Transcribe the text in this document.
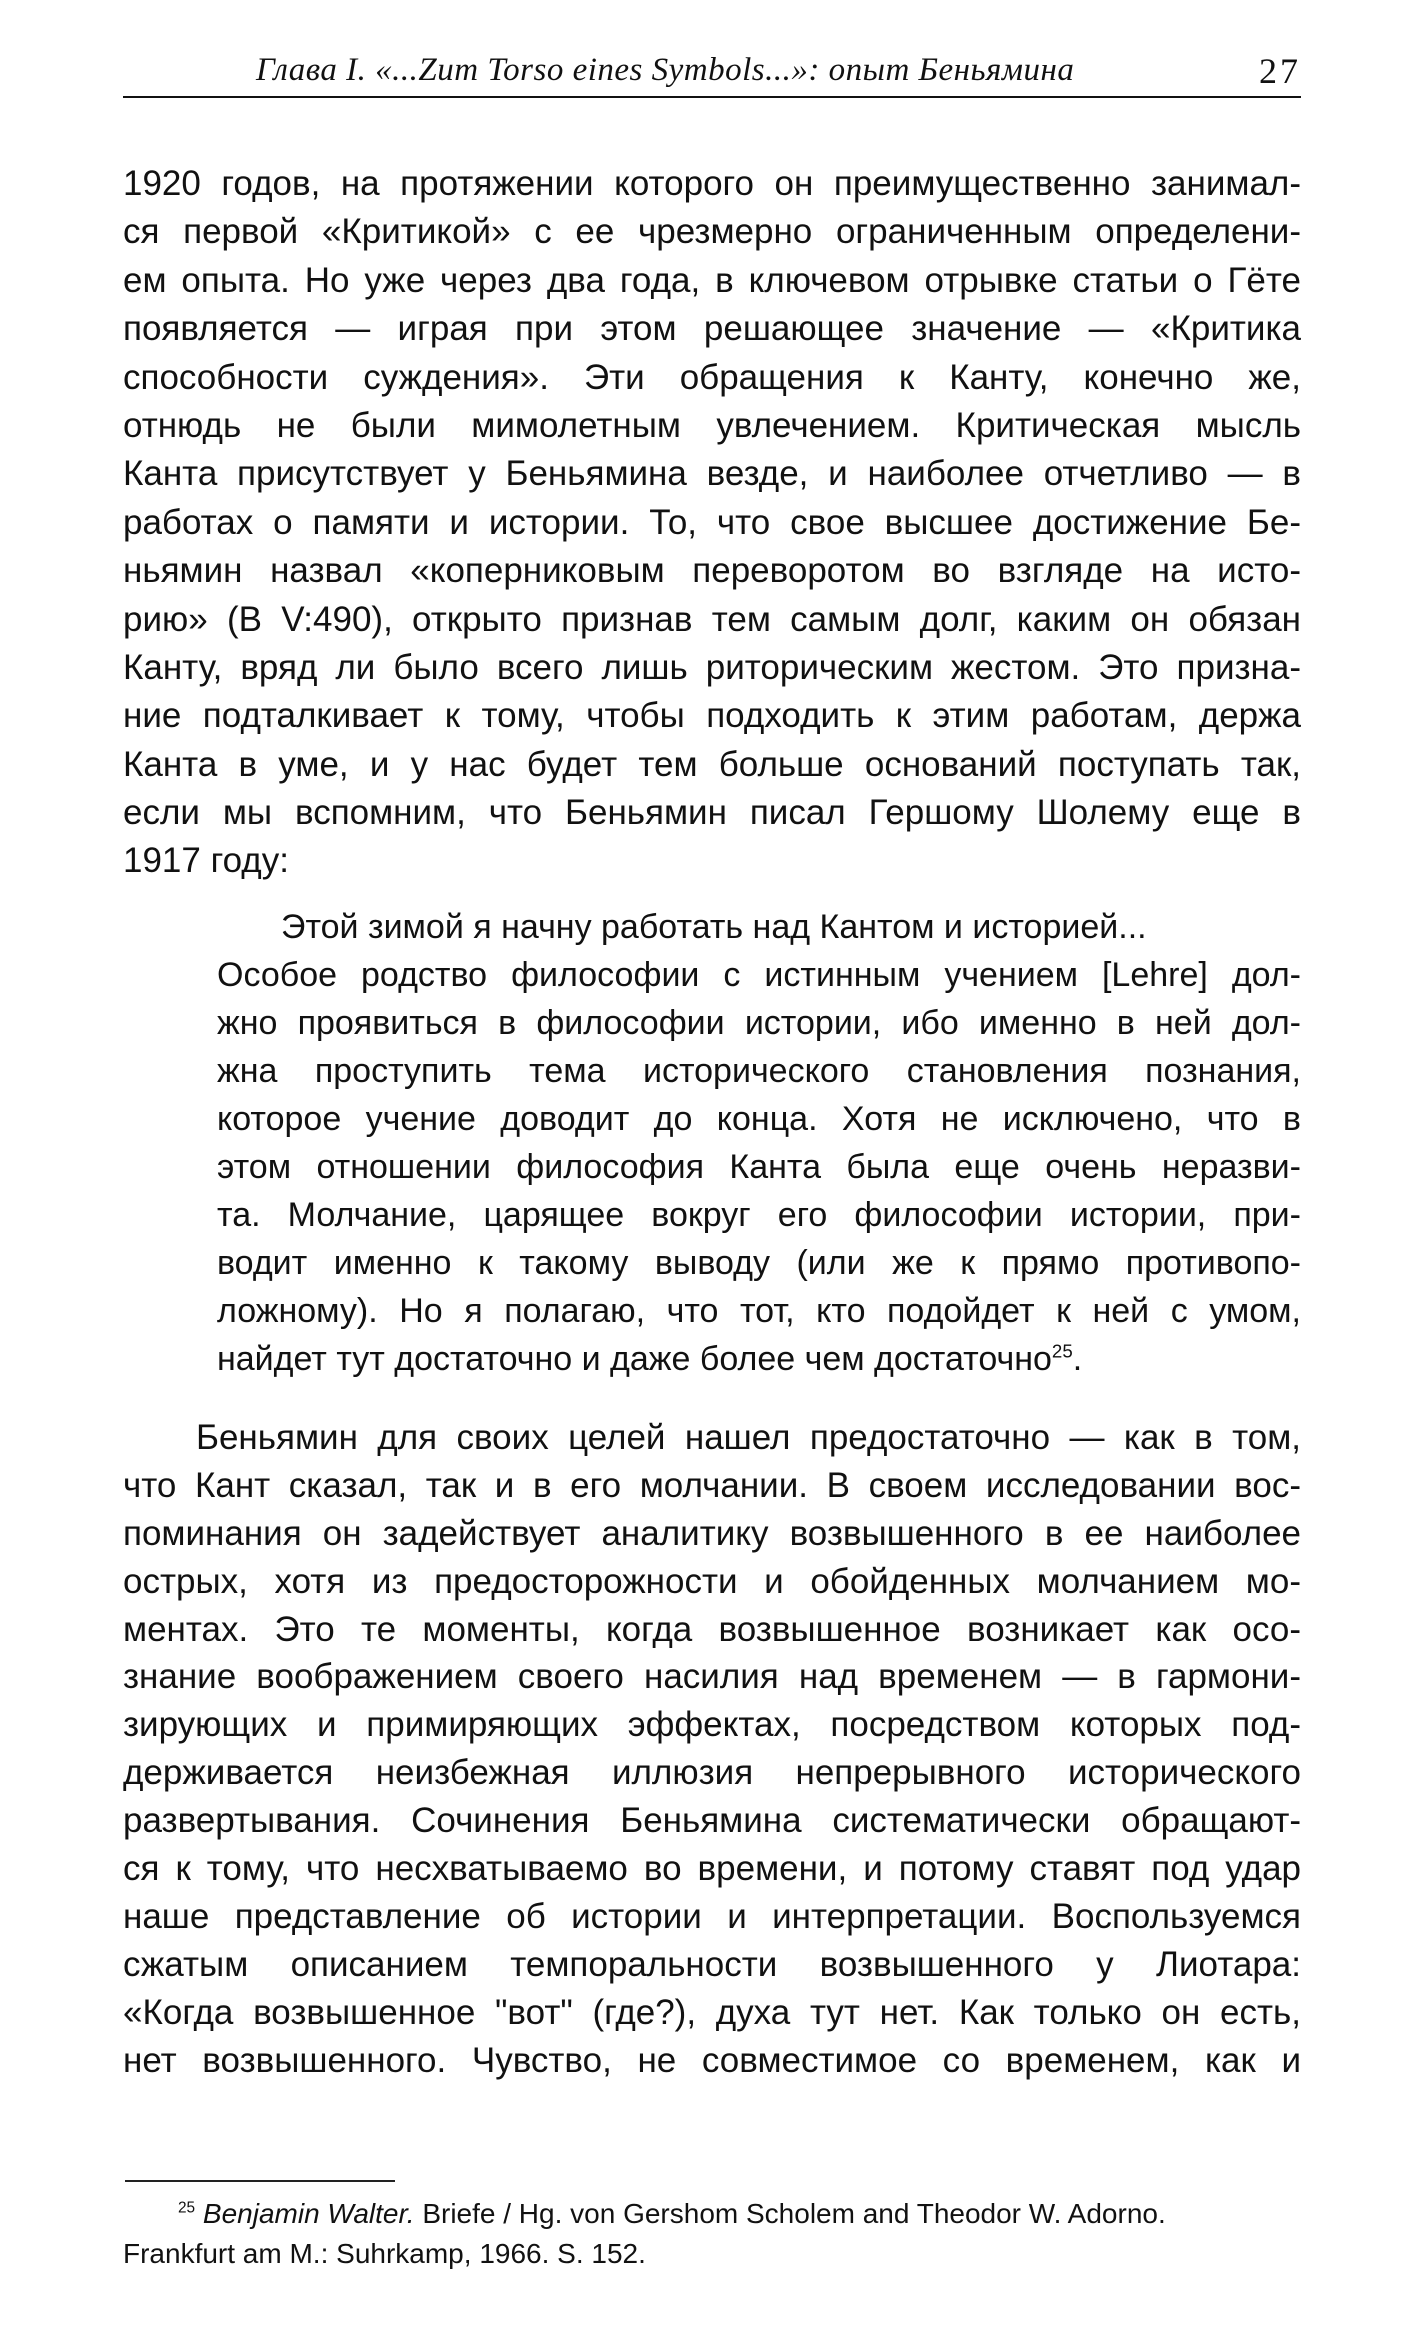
Глава I. «...Zum Torso eines Symbols...»: опыт Беньямина	27
1920 годов, на протяжении которого он преимущественно занимал-
ся первой «Критикой» с ее чрезмерно ограниченным определени-
ем опыта. Но уже через два года, в ключевом отрывке статьи о Гёте
появляется — играя при этом решающее значение — «Критика
способности суждения». Эти обращения к Канту, конечно же,
отнюдь не были мимолетным увлечением. Критическая мысль
Канта присутствует у Беньямина везде, и наиболее отчетливо — в
работах о памяти и истории. То, что свое высшее достижение Бе-
ньямин назвал «коперниковым переворотом во взгляде на исто-
рию» (В V:490), открыто признав тем самым долг, каким он обязан
Канту, вряд ли было всего лишь риторическим жестом. Это призна-
ние подталкивает к тому, чтобы подходить к этим работам, держа
Канта в уме, и у нас будет тем больше оснований поступать так,
если мы вспомним, что Беньямин писал Гершому Шолему еще в
1917 году:
Этой зимой я начну работать над Кантом и историей...
Особое родство философии с истинным учением [Lehre] дол-
жно проявиться в философии истории, ибо именно в ней дол-
жна проступить тема исторического становления познания,
которое учение доводит до конца. Хотя не исключено, что в
этом отношении философия Канта была еще очень неразви-
та. Молчание, царящее вокруг его философии истории, при-
водит именно к такому выводу (или же к прямо противопо-
ложному). Но я полагаю, что тот, кто подойдет к ней с умом,
найдет тут достаточно и даже более чем достаточно$^{25}$.
Беньямин для своих целей нашел предостаточно — как в том,
что Кант сказал, так и в его молчании. В своем исследовании вос-
поминания он задействует аналитику возвышенного в ее наиболее
острых, хотя из предосторожности и обойденных молчанием мо-
ментах. Это те моменты, когда возвышенное возникает как осо-
знание воображением своего насилия над временем — в гармони-
зирующих и примиряющих эффектах, посредством которых под-
держивается неизбежная иллюзия непрерывного исторического
развертывания. Сочинения Беньямина систематически обращают-
ся к тому, что несхватываемо во времени, и потому ставят под удар
наше представление об истории и интерпретации. Воспользуемся
сжатым описанием темпоральности возвышенного у Лиотара:
«Когда возвышенное "вот" (где?), духа тут нет. Как только он есть,
нет возвышенного. Чувство, не совместимое со временем, как и
$^{25}$ Benjamin Walter. Briefe / Hg. von Gershom Scholem and Theodor W. Adorno.
Frankfurt am M.: Suhrkamp, 1966. S. 152.
